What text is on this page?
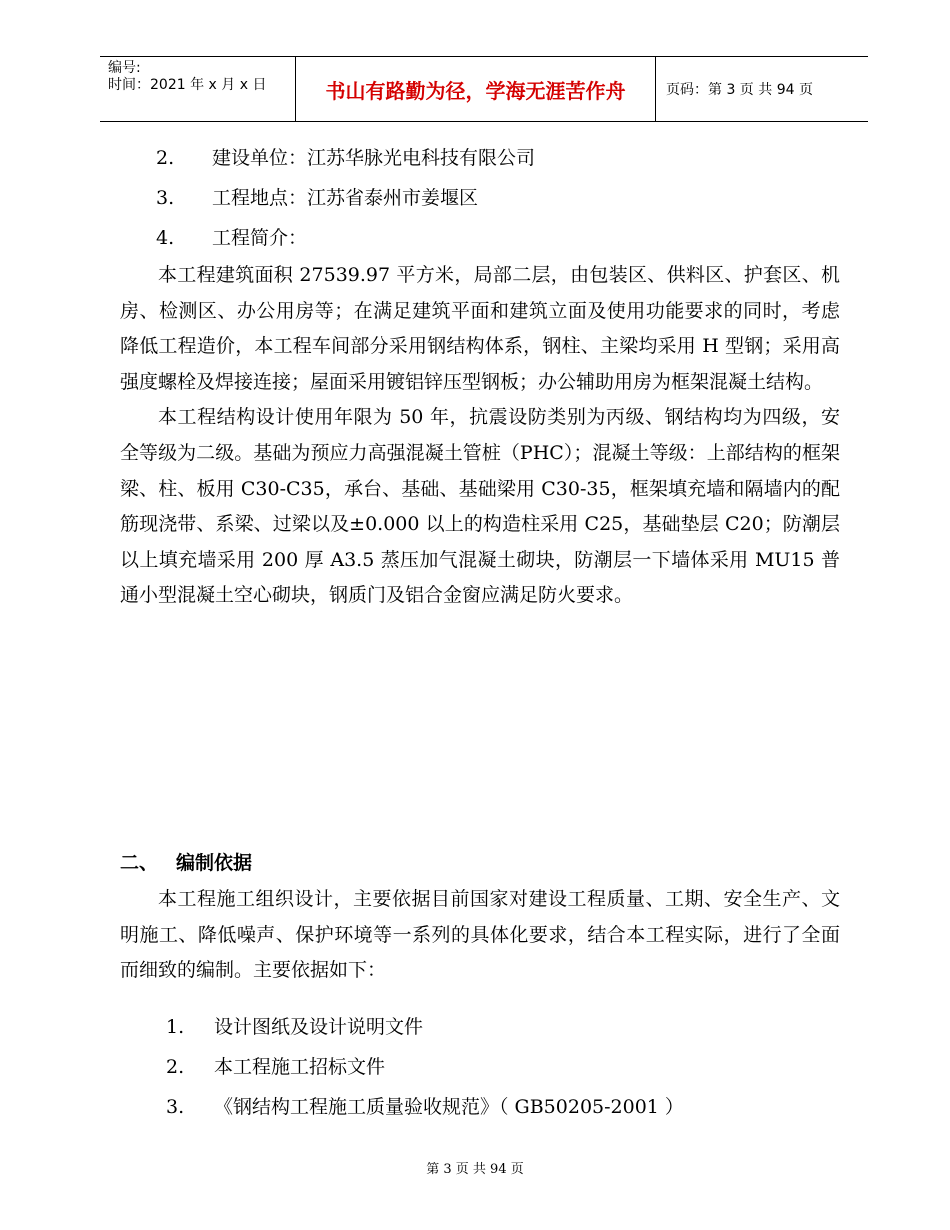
编号:
时间：2021 年 x 月 x 日	书山有路勤为径，学海无涯苦作舟	页码：第 3 页 共 94 页
2. 建设单位：江苏华脉光电科技有限公司
3. 工程地点：江苏省泰州市姜堰区
4. 工程简介：

本工程建筑面积 27539.97 平方米，局部二层，由包装区、供料区、护套区、机房、检测区、办公用房等；在满足建筑平面和建筑立面及使用功能要求的同时，考虑降低工程造价，本工程车间部分采用钢结构体系，钢柱、主梁均采用 H 型钢；采用高强度螺栓及焊接连接；屋面采用镀铝锌压型钢板；办公辅助用房为框架混凝土结构。

本工程结构设计使用年限为 50 年，抗震设防类别为丙级、钢结构均为四级，安全等级为二级。基础为预应力高强混凝土管桩（PHC）；混凝土等级：上部结构的框架梁、柱、板用 C30-C35，承台、基础、基础梁用 C30-35，框架填充墙和隔墙内的配筋现浇带、系梁、过梁以及±0.000 以上的构造柱采用 C25，基础垫层 C20；防潮层以上填充墙采用 200 厚 A3.5 蒸压加气混凝土砌块，防潮层一下墙体采用 MU15 普通小型混凝土空心砌块，钢质门及铝合金窗应满足防火要求。

二、 编制依据

本工程施工组织设计，主要依据目前国家对建设工程质量、工期、安全生产、文明施工、降低噪声、保护环境等一系列的具体化要求，结合本工程实际，进行了全面而细致的编制。主要依据如下：

1. 设计图纸及设计说明文件
2. 本工程施工招标文件
3. 《钢结构工程施工质量验收规范》（ GB50205-2001 ）
第 3 页 共 94 页
